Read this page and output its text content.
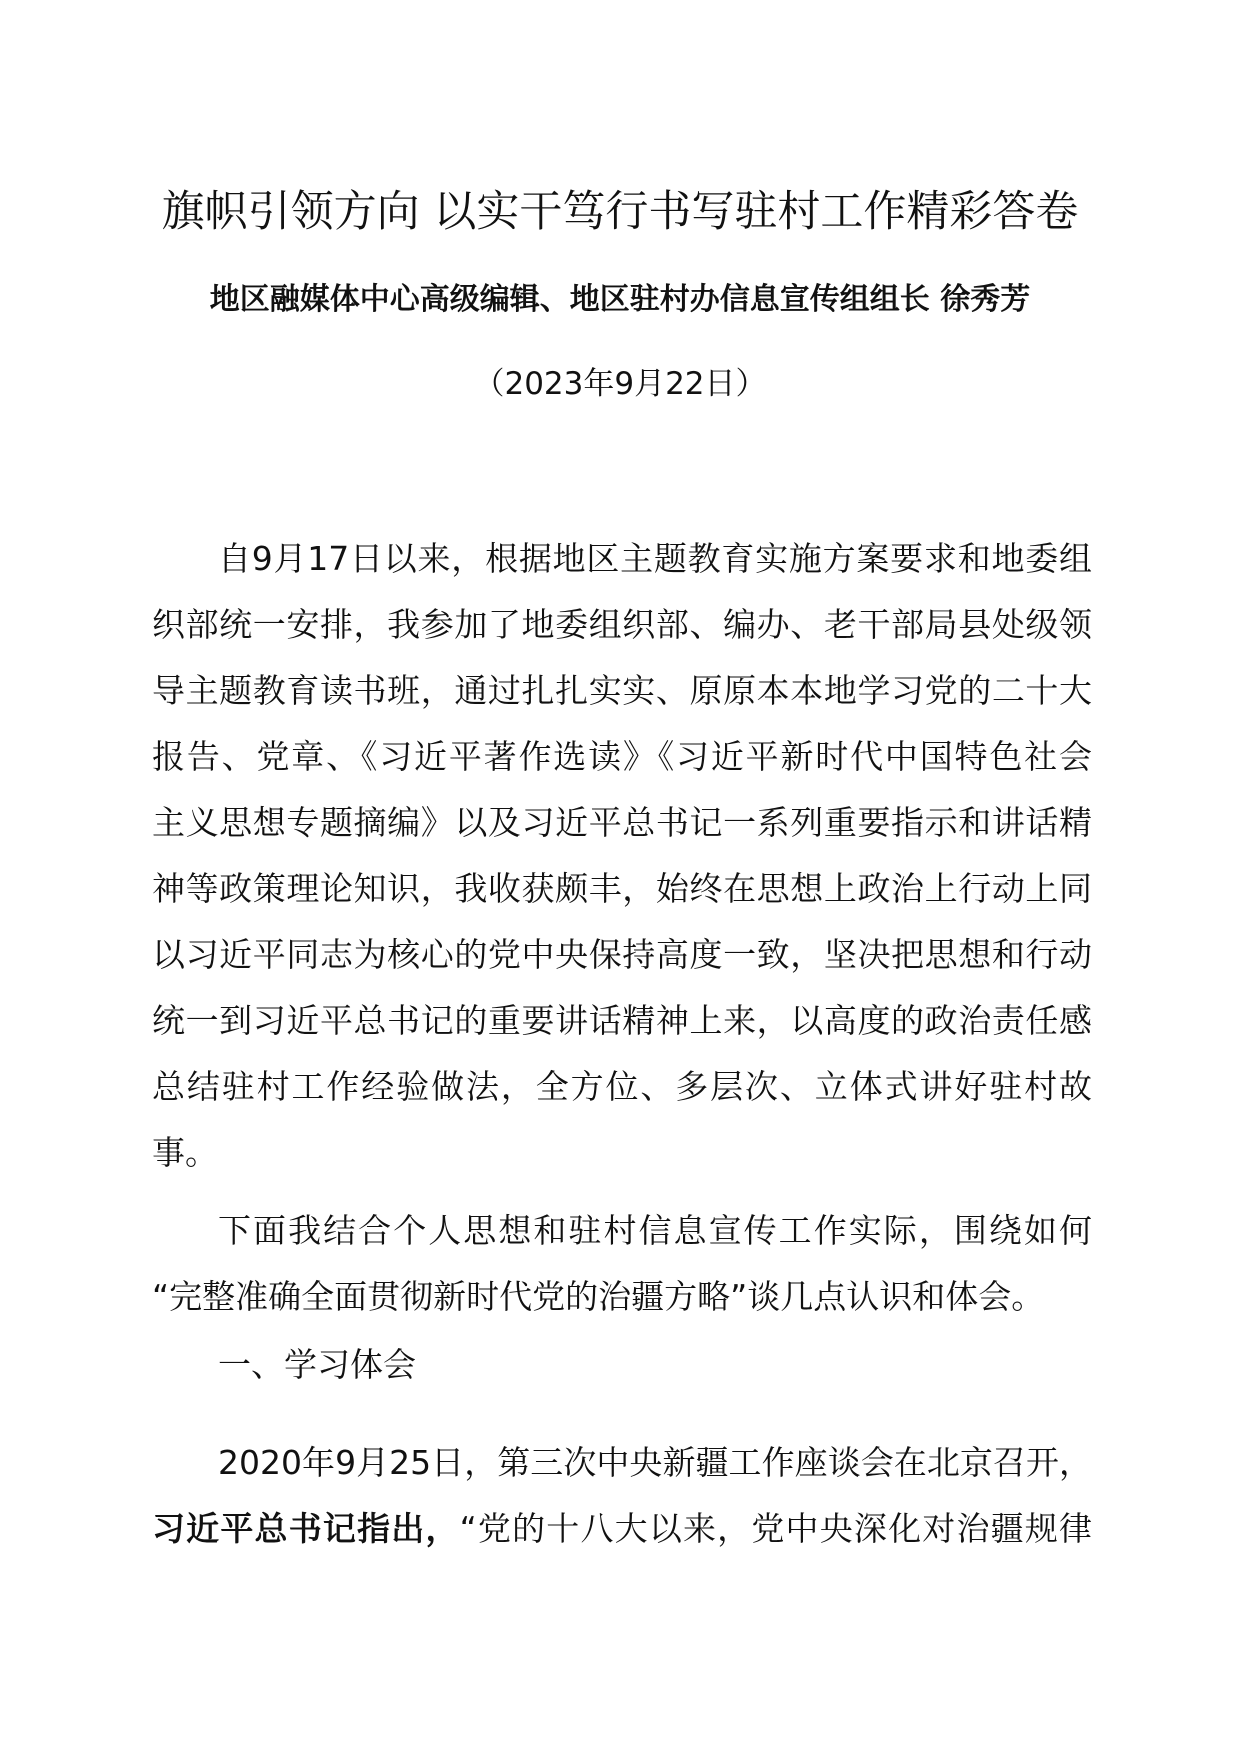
旗帜引领方向 以实干笃行书写驻村工作精彩答卷
地区融媒体中心高级编辑、地区驻村办信息宣传组组长 徐秀芳
（2023年9月22日）
自9月17日以来，根据地区主题教育实施方案要求和地委组
织部统一安排，我参加了地委组织部、编办、老干部局县处级领
导主题教育读书班，通过扎扎实实、原原本本地学习党的二十大
报告、党章、《习近平著作选读》《习近平新时代中国特色社会
主义思想专题摘编》以及习近平总书记一系列重要指示和讲话精
神等政策理论知识，我收获颇丰，始终在思想上政治上行动上同
以习近平同志为核心的党中央保持高度一致，坚决把思想和行动
统一到习近平总书记的重要讲话精神上来，以高度的政治责任感
总结驻村工作经验做法，全方位、多层次、立体式讲好驻村故
事。
下面我结合个人思想和驻村信息宣传工作实际，围绕如何
“完整准确全面贯彻新时代党的治疆方略”谈几点认识和体会。
一、学习体会
2020年9月25日，第三次中央新疆工作座谈会在北京召开，
习近平总书记指出，“党的十八大以来，党中央深化对治疆规律
